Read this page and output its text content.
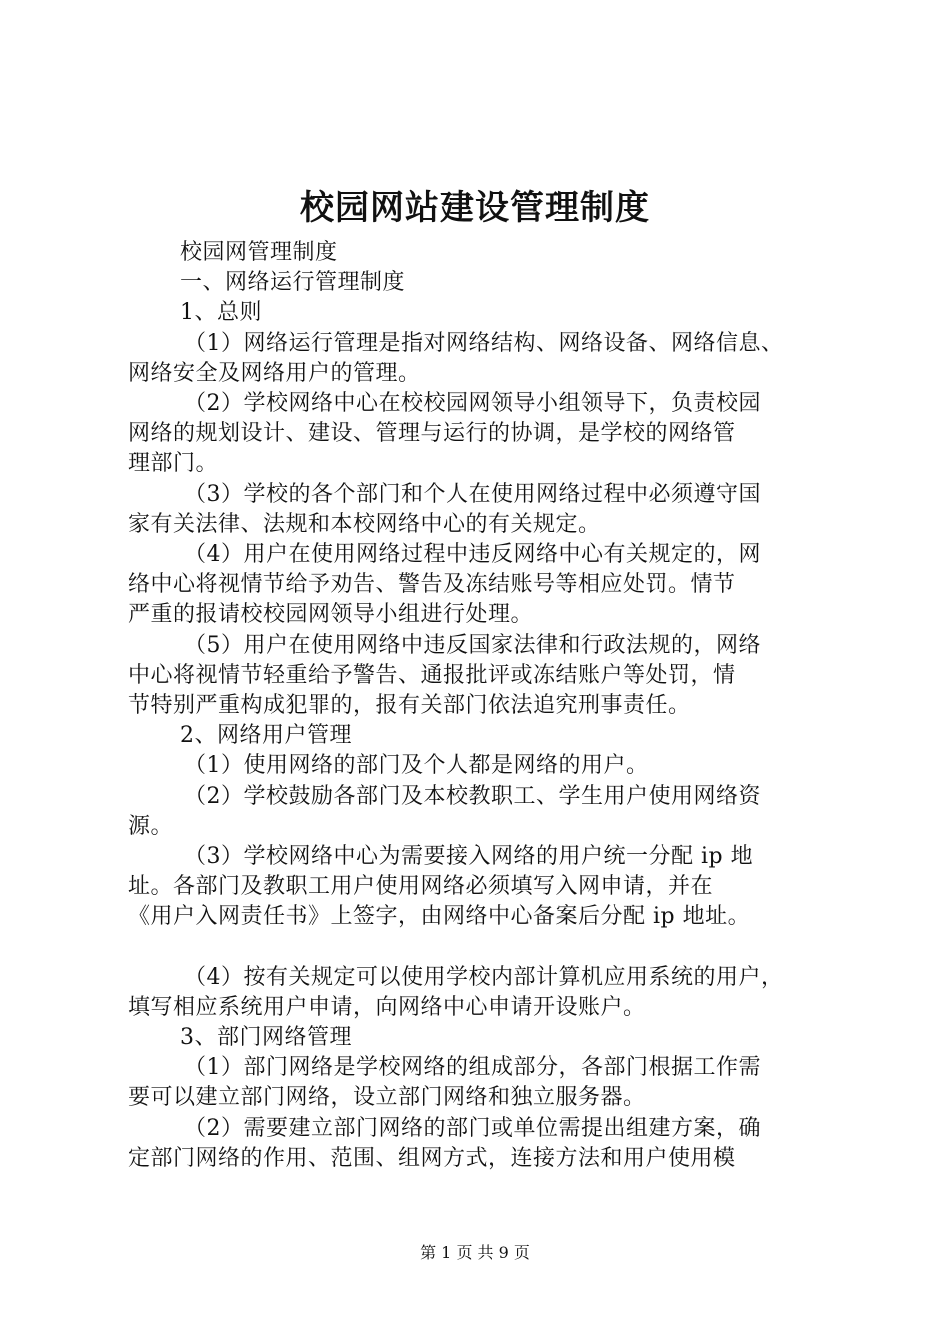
校园网站建设管理制度
校园网管理制度
一、网络运行管理制度
1、总则
（1）网络运行管理是指对网络结构、网络设备、网络信息、
网络安全及网络用户的管理。
（2）学校网络中心在校校园网领导小组领导下，负责校园
网络的规划设计、建设、管理与运行的协调，是学校的网络管
理部门。
（3）学校的各个部门和个人在使用网络过程中必须遵守国
家有关法律、法规和本校网络中心的有关规定。
（4）用户在使用网络过程中违反网络中心有关规定的，网
络中心将视情节给予劝告、警告及冻结账号等相应处罚。情节
严重的报请校校园网领导小组进行处理。
（5）用户在使用网络中违反国家法律和行政法规的，网络
中心将视情节轻重给予警告、通报批评或冻结账户等处罚，情
节特别严重构成犯罪的，报有关部门依法追究刑事责任。
2、网络用户管理
（1）使用网络的部门及个人都是网络的用户。
（2）学校鼓励各部门及本校教职工、学生用户使用网络资
源。
（3）学校网络中心为需要接入网络的用户统一分配 ip 地
址。各部门及教职工用户使用网络必须填写入网申请，并在
《用户入网责任书》上签字，由网络中心备案后分配 ip 地址。
（4）按有关规定可以使用学校内部计算机应用系统的用户，
填写相应系统用户申请，向网络中心申请开设账户。
3、部门网络管理
（1）部门网络是学校网络的组成部分，各部门根据工作需
要可以建立部门网络，设立部门网络和独立服务器。
（2）需要建立部门网络的部门或单位需提出组建方案，确
定部门网络的作用、范围、组网方式，连接方法和用户使用模
第 1 页 共 9 页
